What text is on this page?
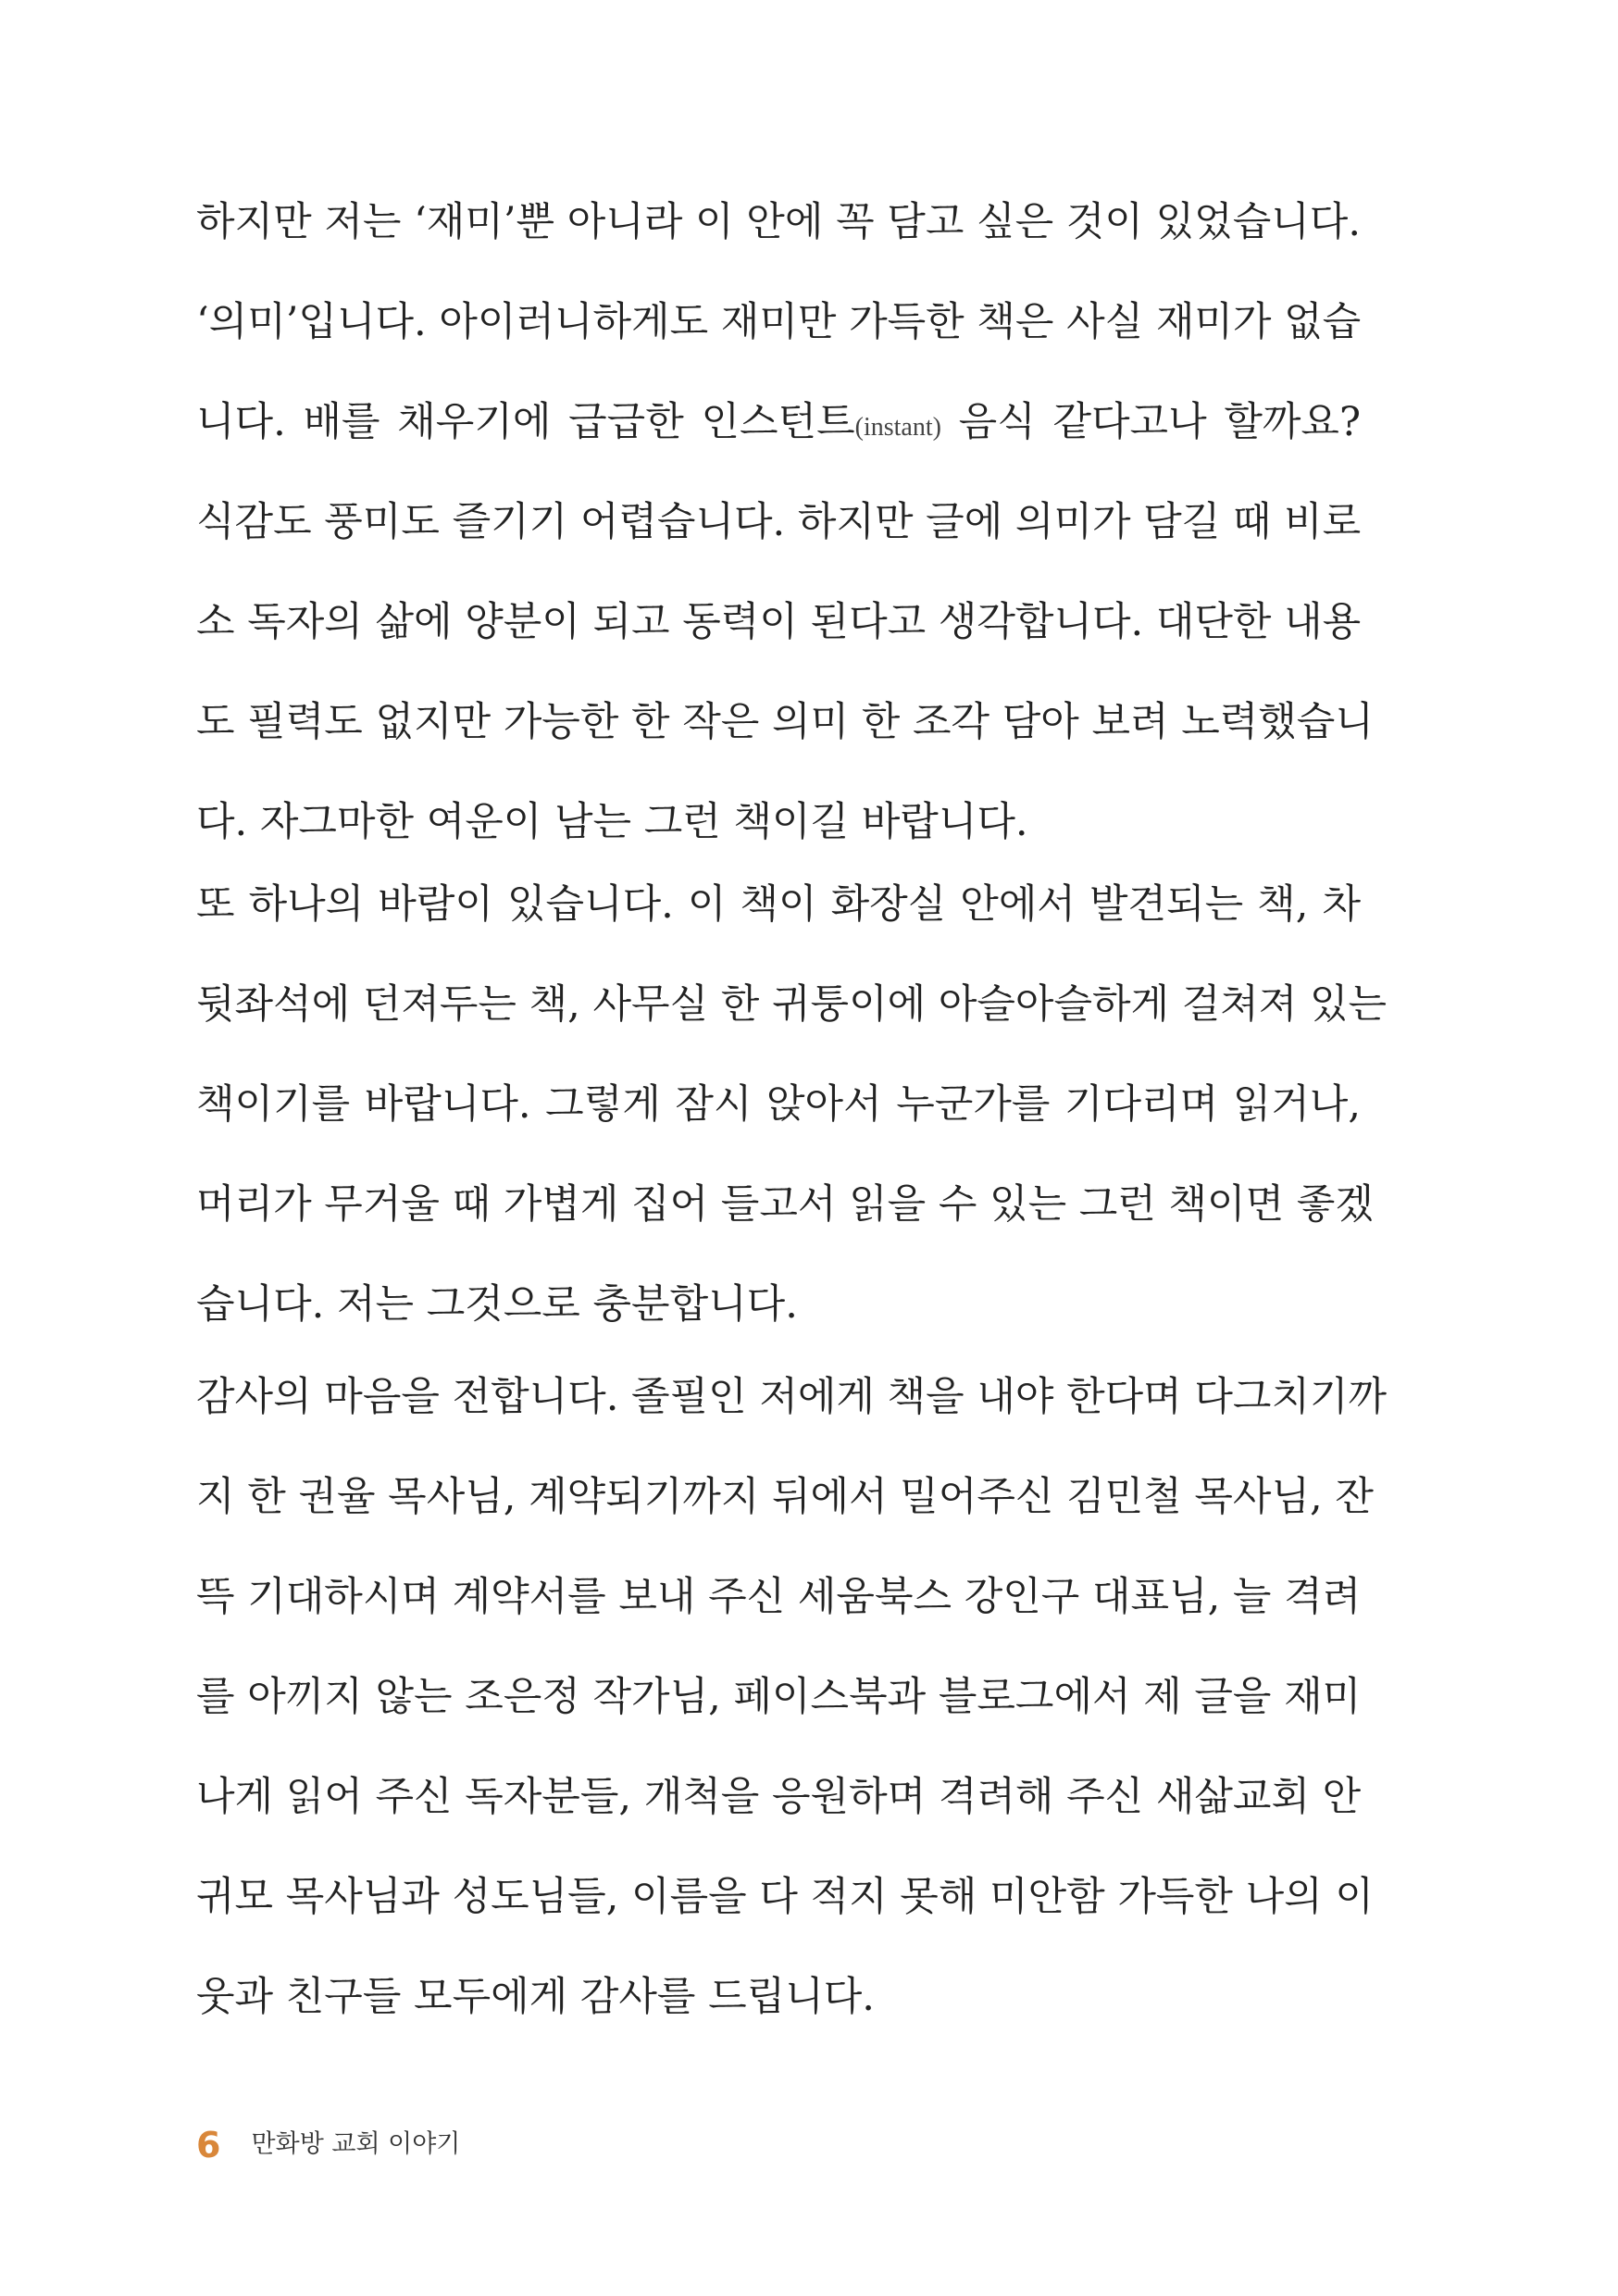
하지만 저는 ‘재미’뿐 아니라 이 안에 꼭 담고 싶은 것이 있었습니다.
‘의미’입니다. 아이러니하게도 재미만 가득한 책은 사실 재미가 없습
니다. 배를 채우기에 급급한 인스턴트(instant) 음식 같다고나 할까요?
식감도 풍미도 즐기기 어렵습니다. 하지만 글에 의미가 담길 때 비로
소 독자의 삶에 양분이 되고 동력이 된다고 생각합니다. 대단한 내용
도 필력도 없지만 가능한 한 작은 의미 한 조각 담아 보려 노력했습니
다. 자그마한 여운이 남는 그런 책이길 바랍니다.
또 하나의 바람이 있습니다. 이 책이 화장실 안에서 발견되는 책, 차
뒷좌석에 던져두는 책, 사무실 한 귀퉁이에 아슬아슬하게 걸쳐져 있는
책이기를 바랍니다. 그렇게 잠시 앉아서 누군가를 기다리며 읽거나,
머리가 무거울 때 가볍게 집어 들고서 읽을 수 있는 그런 책이면 좋겠
습니다. 저는 그것으로 충분합니다.
감사의 마음을 전합니다. 졸필인 저에게 책을 내야 한다며 다그치기까
지 한 권율 목사님, 계약되기까지 뒤에서 밀어주신 김민철 목사님, 잔
뜩 기대하시며 계약서를 보내 주신 세움북스 강인구 대표님, 늘 격려
를 아끼지 않는 조은정 작가님, 페이스북과 블로그에서 제 글을 재미
나게 읽어 주신 독자분들, 개척을 응원하며 격려해 주신 새삶교회 안
귀모 목사님과 성도님들, 이름을 다 적지 못해 미안함 가득한 나의 이
웃과 친구들 모두에게 감사를 드립니다.
6 만화방 교회 이야기
